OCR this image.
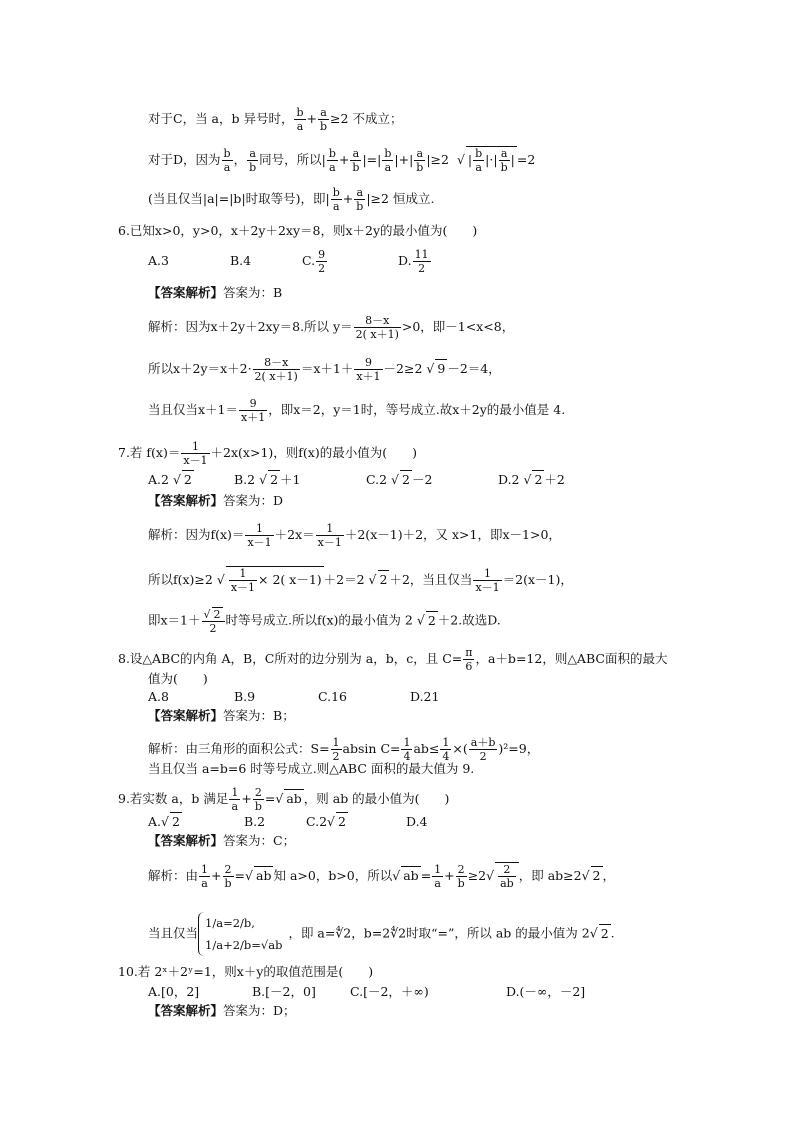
对于C，当 a，b 异号时， $\frac{b}{a} + \frac{a}{b} \ge 2$ 不成立；
对于D，因为 $\frac{b}{a}$ ， $\frac{a}{b}$ 同号，所以| $\frac{b}{a} + \frac{a}{b}$ |=| $\frac{b}{a}$ |+| $\frac{a}{b} |\ge 2$ √ | $\frac{b}{a}$ |·| $\frac{a}{b}$ | =2
(当且仅当|a|=|b|时取等号)，即| $\frac{b}{a} + \frac{a}{b} |\ge 2$ 恒成立.
6.已知x>0，y>0，x＋2y＋2xy＝8，则x＋2y的最小值为(　　)
A.3	B.4	C. $\frac{9}{2}$	D. $\frac{11}{2}$
【答案解析】答案为：B
解析：因为x＋2y＋2xy＝8.所以 $y= \frac{8-x}{2( x+1)} >0$，即－1<x<8，
所以$x+2y=x+2\cdot \frac{8-x}{2( x+1)} =x+1+ \frac{9}{x+1} -2\ge 2$ √ 9 －2＝4，
当且仅当$x+1= \frac{9}{x+1}$ ，即x＝2，y＝1时，等号成立.故x＋2y的最小值是 4.
7.若 $f(x)= \frac{1}{x-1} +2x(x>1)$，则f(x)的最小值为(　　)
A.2 √ 2	B.2 √ 2 ＋1	C.2 √ 2 －2	D.2 √ 2 ＋2
【答案解析】答案为：D
解析：因为$f(x)= \frac{1}{x-1} +2x= \frac{1}{x-1} +2(x-1)+2$，又 x>1，即x－1>0，
所以f(x)≥2 √ $\frac{1}{x-1} \times 2$( x－1) ＋2＝2 √ 2 ＋2，当且仅当 $\frac{1}{x-1} =2(x-1)$，
即$x=1+ \frac{√ 2}{2}$ 时等号成立.所以f(x)的最小值为 2 √ 2 ＋2.故选D.
8.设△ABC的内角 A，B，C所对的边分别为 a，b，c，且 $C= \frac{\pi}{6}$ ，a＋b=12，则△ABC面积的最大
值为(　　)
A.8	B.9	C.16	D.21
【答案解析】答案为：B；
解析：由三角形的面积公式：$S= \frac{1}{2}$ absin $C= \frac{1}{4} ab\le \frac{1}{4}$ ×( $\frac{a+b}{2} )^2=9$，
当且仅当 a=b=6 时等号成立.则△ABC 面积的最大值为 9.
9.若实数 a，b 满足 $\frac{1}{a} + \frac{2}{b}$ =√ ab ，则 ab 的最小值为(　　)
A.√ 2	B.2	C.2√ 2	D.4
【答案解析】答案为：C；
解析：由 $\frac{1}{a} + \frac{2}{b}$ =√ ab 知 a>0，b>0，所以√ ab = $\frac{1}{a} + \frac{2}{b} \ge 2√ \frac{2}{ab}$ ，即 ab≥2√ 2 ，
当且仅当
1/a=2/b,
1/a+2/b=√ab
，即 a=∜2，b=2∜2时取“=”，所以 ab 的最小值为 2√ 2 .
10.若 2ˣ＋2ʸ=1，则x＋y的取值范围是(　　)
A.[0，2]	B.[－2，0]	C.[－2，＋∞)	D.(－∞，－2]
【答案解析】答案为：D；
